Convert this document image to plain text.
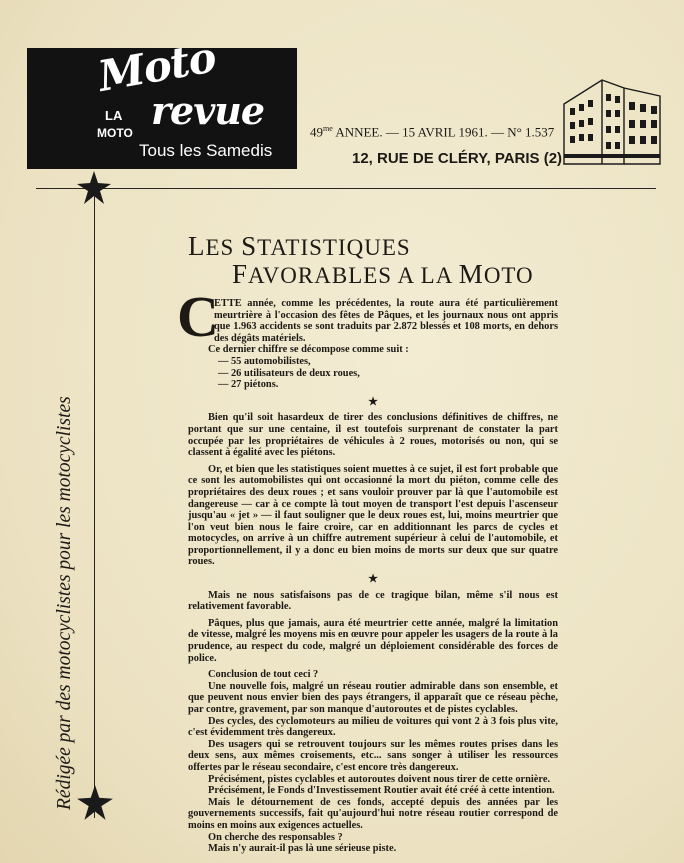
Moto
revue
LA
MOTO
Tous les Samedis
$49^{me}$ ANNEE. — 15 AVRIL 1961. — N° 1.537
12, RUE DE CLÉRY, PARIS (2)
Rédigée par des motocyclistes pour les motocyclistes
LES STATISTIQUES
FAVORABLES A LA MOTO
C

ETTE année, comme les précédentes, la route aura été particulièrement meurtrière à l'occasion des fêtes de Pâques, et les journaux nous ont appris que 1.963 accidents se sont traduits par 2.872 blessés et 108 morts, en dehors des dégâts matériels.

Ce dernier chiffre se décompose comme suit :

— 55 automobilistes,

— 26 utilisateurs de deux roues,

— 27 piétons.

★

Bien qu'il soit hasardeux de tirer des conclusions définitives de chiffres, ne portant que sur une centaine, il est toutefois surprenant de constater la part occupée par les propriétaires de véhicules à 2 roues, motorisés ou non, qui se classent à égalité avec les piétons.

Or, et bien que les statistiques soient muettes à ce sujet, il est fort probable que ce sont les automobilistes qui ont occasionné la mort du piéton, comme celle des propriétaires des deux roues ; et sans vouloir prouver par là que l'automobile est dangereuse — car à ce compte là tout moyen de transport l'est depuis l'ascenseur jusqu'au « jet » — il faut souligner que le deux roues est, lui, moins meurtrier que l'on veut bien nous le faire croire, car en additionnant les parcs de cycles et motocycles, on arrive à un chiffre autrement supérieur à celui de l'automobile, et proportionnellement, il y a donc eu bien moins de morts sur deux que sur quatre roues.

★

Mais ne nous satisfaisons pas de ce tragique bilan, même s'il nous est relativement favorable.

Pâques, plus que jamais, aura été meurtrier cette année, malgré la limitation de vitesse, malgré les moyens mis en œuvre pour appeler les usagers de la route à la prudence, au respect du code, malgré un déploiement considérable des forces de police.

Conclusion de tout ceci ?

Une nouvelle fois, malgré un réseau routier admirable dans son ensemble, et que peuvent nous envier bien des pays étrangers, il apparaît que ce réseau pèche, par contre, gravement, par son manque d'autoroutes et de pistes cyclables.

Des cycles, des cyclomoteurs au milieu de voitures qui vont 2 à 3 fois plus vite, c'est évidemment très dangereux.

Des usagers qui se retrouvent toujours sur les mêmes routes prises dans les deux sens, aux mêmes croisements, etc... sans songer à utiliser les ressources offertes par le réseau secondaire, c'est encore très dangereux.

Précisément, pistes cyclables et autoroutes doivent nous tirer de cette ornière.

Précisément, le Fonds d'Investissement Routier avait été créé à cette intention.

Mais le détournement de ces fonds, accepté depuis des années par les gouvernements successifs, fait qu'aujourd'hui notre réseau routier correspond de moins en moins aux exigences actuelles.

On cherche des responsables ?

Mais n'y aurait-il pas là une sérieuse piste.
